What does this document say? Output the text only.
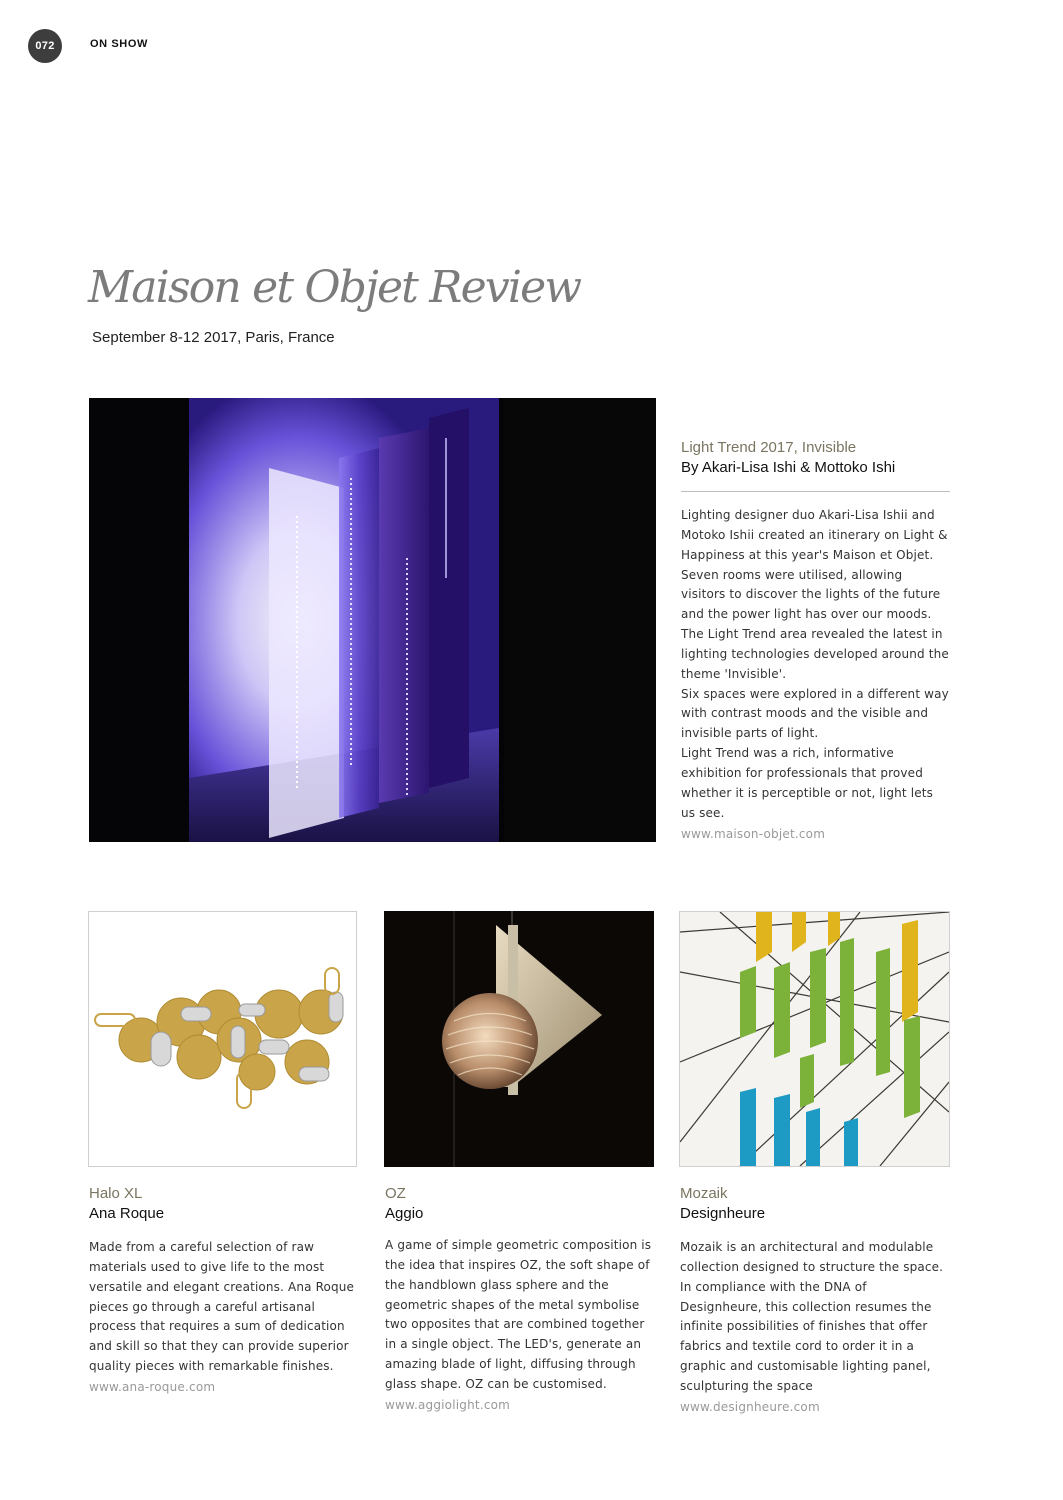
072	ON SHOW
Maison et Objet Review
September 8-12 2017, Paris, France
Light Trend 2017, Invisible
By Akari-Lisa Ishi & Mottoko Ishi

Lighting designer duo Akari-Lisa Ishii and Motoko Ishii created an itinerary on Light & Happiness at this year's Maison et Objet. Seven rooms were utilised, allowing visitors to discover the lights of the future and the power light has over our moods.

The Light Trend area revealed the latest in lighting technologies developed around the theme 'Invisible'.

Six spaces were explored in a different way with contrast moods and the visible and invisible parts of light.

Light Trend was a rich, informative exhibition for professionals that proved whether it is perceptible or not, light lets us see.

www.maison-objet.com
Halo XL
Ana Roque

Made from a careful selection of raw materials used to give life to the most versatile and elegant creations. Ana Roque pieces go through a careful artisanal process that requires a sum of dedication and skill so that they can provide superior quality pieces with remarkable finishes.

www.ana-roque.com
OZ
Aggio

A game of simple geometric composition is the idea that inspires OZ, the soft shape of the handblown glass sphere and the geometric shapes of the metal symbolise two opposites that are combined together in a single object. The LED's, generate an amazing blade of light, diffusing through glass shape. OZ can be customised.

www.aggiolight.com
Mozaik
Designheure

Mozaik is an architectural and modulable collection designed to structure the space. In compliance with the DNA of Designheure, this collection resumes the infinite possibilities of finishes that offer fabrics and textile cord to order it in a graphic and customisable lighting panel, sculpturing the space

www.designheure.com
